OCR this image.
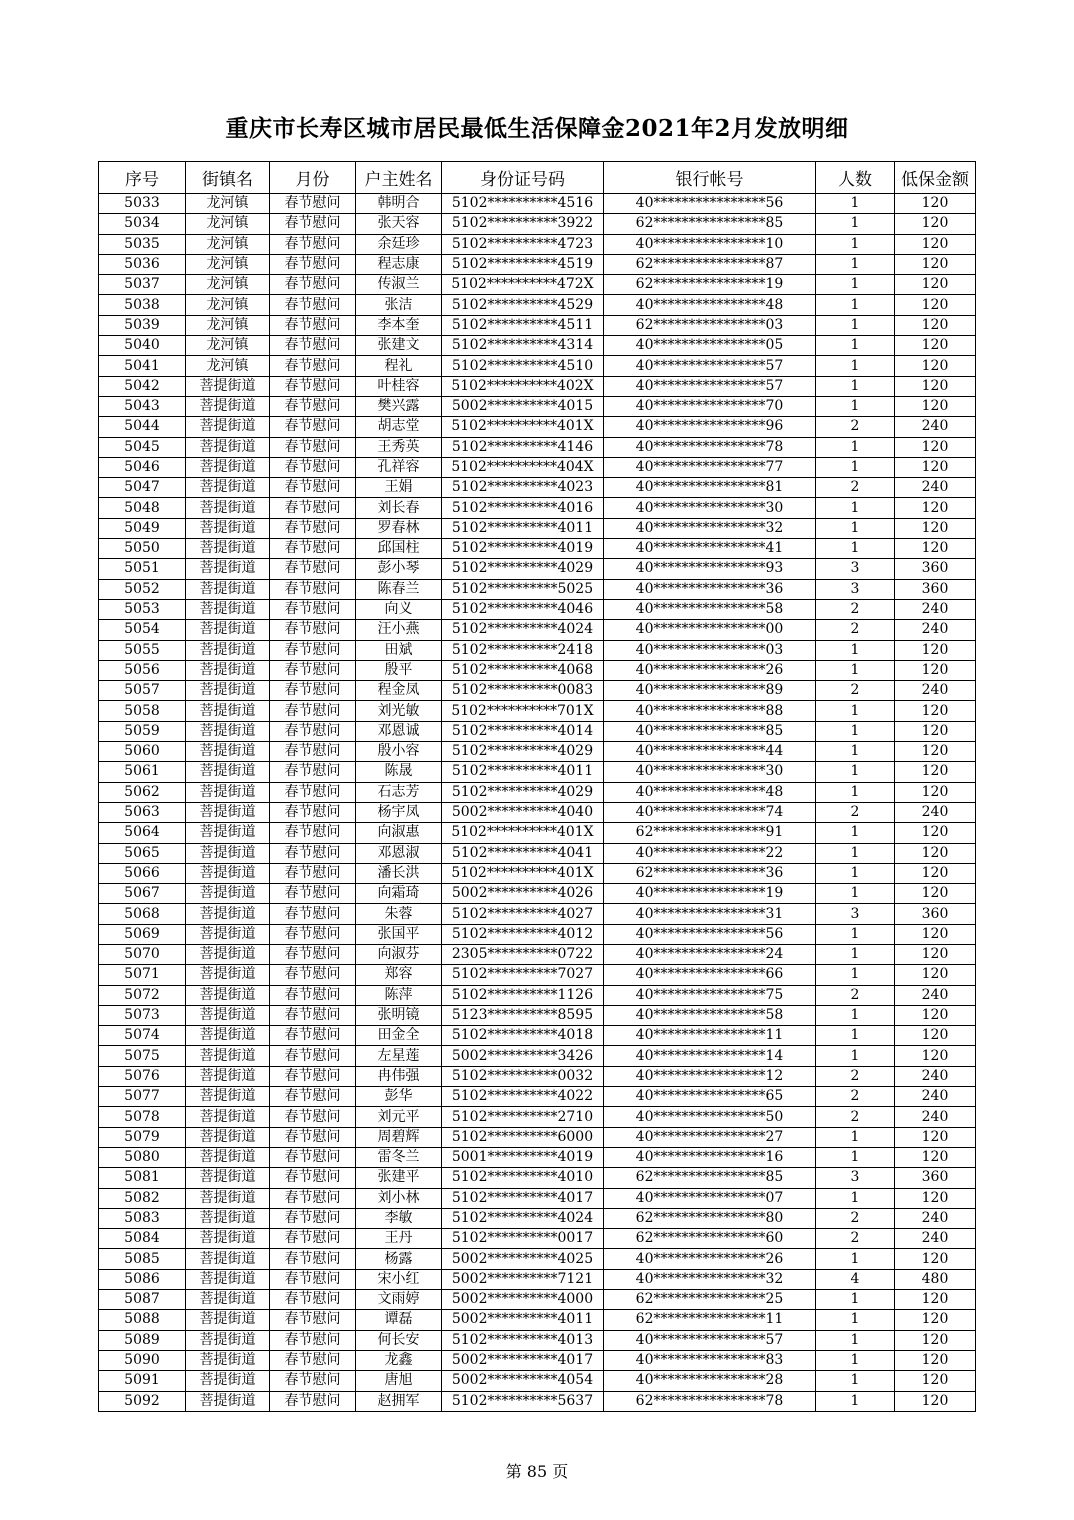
重庆市长寿区城市居民最低生活保障金2021年2月发放明细
序号	街镇名	月份	户主姓名	身份证号码	银行帐号	人数	低保金额
5033	龙河镇	春节慰问	韩明合	5102**********4516	40****************56	1	120
5034	龙河镇	春节慰问	张天容	5102**********3922	62****************85	1	120
5035	龙河镇	春节慰问	余廷珍	5102**********4723	40****************10	1	120
5036	龙河镇	春节慰问	程志康	5102**********4519	62****************87	1	120
5037	龙河镇	春节慰问	传淑兰	5102**********472X	62****************19	1	120
5038	龙河镇	春节慰问	张洁	5102**********4529	40****************48	1	120
5039	龙河镇	春节慰问	李本奎	5102**********4511	62****************03	1	120
5040	龙河镇	春节慰问	张建文	5102**********4314	40****************05	1	120
5041	龙河镇	春节慰问	程礼	5102**********4510	40****************57	1	120
5042	菩提街道	春节慰问	叶桂容	5102**********402X	40****************57	1	120
5043	菩提街道	春节慰问	樊兴露	5002**********4015	40****************70	1	120
5044	菩提街道	春节慰问	胡志堂	5102**********401X	40****************96	2	240
5045	菩提街道	春节慰问	王秀英	5102**********4146	40****************78	1	120
5046	菩提街道	春节慰问	孔祥容	5102**********404X	40****************77	1	120
5047	菩提街道	春节慰问	王娟	5102**********4023	40****************81	2	240
5048	菩提街道	春节慰问	刘长春	5102**********4016	40****************30	1	120
5049	菩提街道	春节慰问	罗春林	5102**********4011	40****************32	1	120
5050	菩提街道	春节慰问	邱国柱	5102**********4019	40****************41	1	120
5051	菩提街道	春节慰问	彭小琴	5102**********4029	40****************93	3	360
5052	菩提街道	春节慰问	陈春兰	5102**********5025	40****************36	3	360
5053	菩提街道	春节慰问	向义	5102**********4046	40****************58	2	240
5054	菩提街道	春节慰问	汪小燕	5102**********4024	40****************00	2	240
5055	菩提街道	春节慰问	田斌	5102**********2418	40****************03	1	120
5056	菩提街道	春节慰问	殷平	5102**********4068	40****************26	1	120
5057	菩提街道	春节慰问	程金凤	5102**********0083	40****************89	2	240
5058	菩提街道	春节慰问	刘光敏	5102**********701X	40****************88	1	120
5059	菩提街道	春节慰问	邓恩诚	5102**********4014	40****************85	1	120
5060	菩提街道	春节慰问	殷小容	5102**********4029	40****************44	1	120
5061	菩提街道	春节慰问	陈晟	5102**********4011	40****************30	1	120
5062	菩提街道	春节慰问	石志芳	5102**********4029	40****************48	1	120
5063	菩提街道	春节慰问	杨宇凤	5002**********4040	40****************74	2	240
5064	菩提街道	春节慰问	向淑惠	5102**********401X	62****************91	1	120
5065	菩提街道	春节慰问	邓恩淑	5102**********4041	40****************22	1	120
5066	菩提街道	春节慰问	潘长洪	5102**********401X	62****************36	1	120
5067	菩提街道	春节慰问	向霜琦	5002**********4026	40****************19	1	120
5068	菩提街道	春节慰问	朱蓉	5102**********4027	40****************31	3	360
5069	菩提街道	春节慰问	张国平	5102**********4012	40****************56	1	120
5070	菩提街道	春节慰问	向淑芬	2305**********0722	40****************24	1	120
5071	菩提街道	春节慰问	郑容	5102**********7027	40****************66	1	120
5072	菩提街道	春节慰问	陈萍	5102**********1126	40****************75	2	240
5073	菩提街道	春节慰问	张明镜	5123**********8595	40****************58	1	120
5074	菩提街道	春节慰问	田金全	5102**********4018	40****************11	1	120
5075	菩提街道	春节慰问	左星莲	5002**********3426	40****************14	1	120
5076	菩提街道	春节慰问	冉伟强	5102**********0032	40****************12	2	240
5077	菩提街道	春节慰问	彭华	5102**********4022	40****************65	2	240
5078	菩提街道	春节慰问	刘元平	5102**********2710	40****************50	2	240
5079	菩提街道	春节慰问	周碧辉	5102**********6000	40****************27	1	120
5080	菩提街道	春节慰问	雷冬兰	5001**********4019	40****************16	1	120
5081	菩提街道	春节慰问	张建平	5102**********4010	62****************85	3	360
5082	菩提街道	春节慰问	刘小林	5102**********4017	40****************07	1	120
5083	菩提街道	春节慰问	李敏	5102**********4024	62****************80	2	240
5084	菩提街道	春节慰问	王丹	5102**********0017	62****************60	2	240
5085	菩提街道	春节慰问	杨露	5002**********4025	40****************26	1	120
5086	菩提街道	春节慰问	宋小红	5002**********7121	40****************32	4	480
5087	菩提街道	春节慰问	文雨婷	5002**********4000	62****************25	1	120
5088	菩提街道	春节慰问	谭磊	5002**********4011	62****************11	1	120
5089	菩提街道	春节慰问	何长安	5102**********4013	40****************57	1	120
5090	菩提街道	春节慰问	龙鑫	5002**********4017	40****************83	1	120
5091	菩提街道	春节慰问	唐旭	5002**********4054	40****************28	1	120
5092	菩提街道	春节慰问	赵拥军	5102**********5637	62****************78	1	120
第 85 页
